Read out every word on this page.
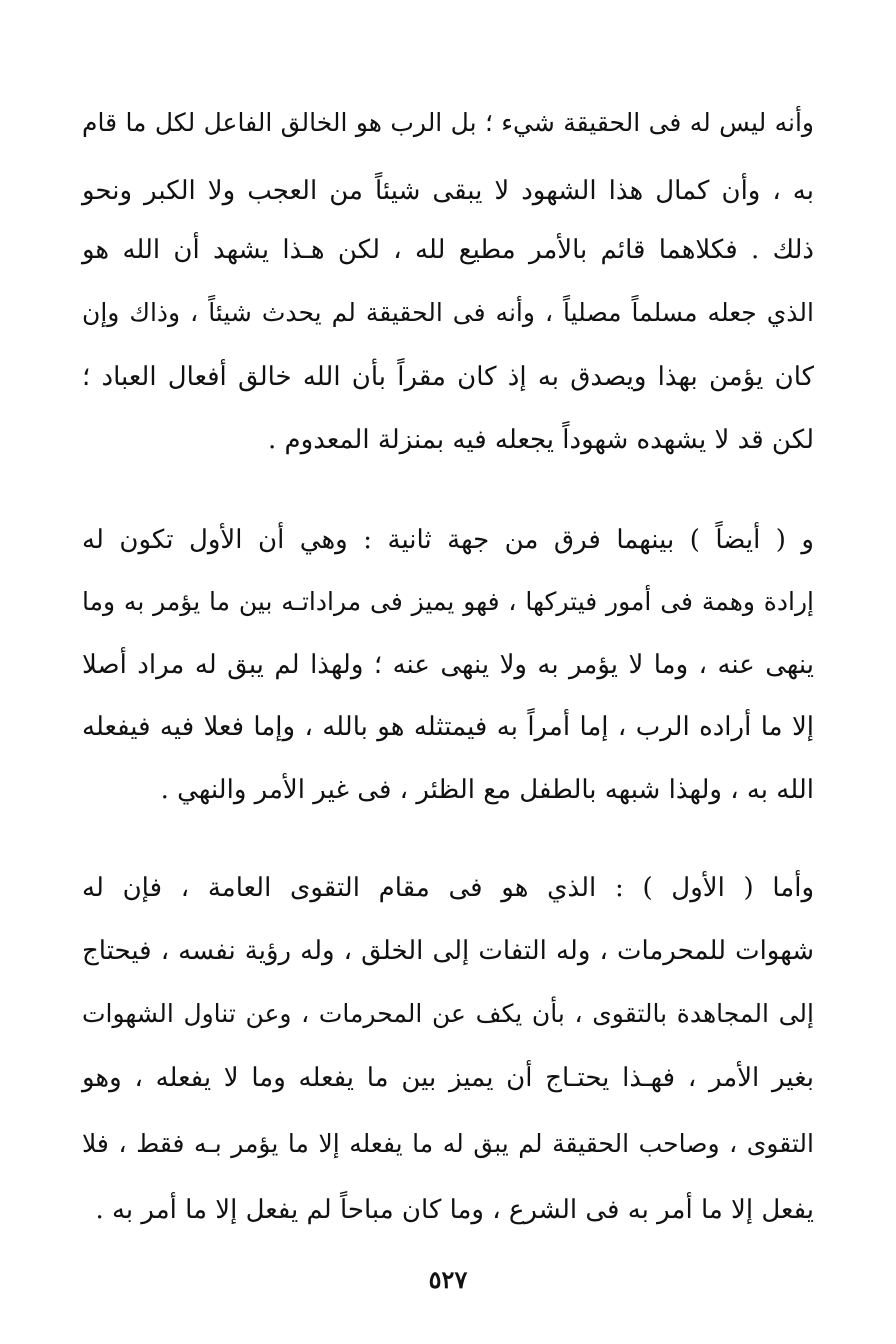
وأنه ليس له فى الحقيقة شيء ؛ بل الرب هو الخالق الفاعل لكل ما قام
به ، وأن كمال هذا الشهود لا يبقى شيئاً من العجب ولا الكبر ونحو
ذلك . فكلاهما قائم بالأمر مطيع لله ، لكن هـذا يشهد أن الله هو
الذي جعله مسلماً مصلياً ، وأنه فى الحقيقة لم يحدث شيئاً ، وذاك وإن
كان يؤمن بهذا ويصدق به إذ كان مقراً بأن الله خالق أفعال العباد ؛
لكن قد لا يشهده شهوداً يجعله فيه بمنزلة المعدوم .
و ( أيضاً ) بينهما فرق من جهة ثانية : وهي أن الأول تكون له
إرادة وهمة فى أمور فيتركها ، فهو يميز فى مراداتـه بين ما يؤمر به وما
ينهى عنه ، وما لا يؤمر به ولا ينهى عنه ؛ ولهذا لم يبق له مراد أصلا
إلا ما أراده الرب ، إما أمراً به فيمتثله هو بالله ، وإما فعلا فيه فيفعله
الله به ، ولهذا شبهه بالطفل مع الظئر ، فى غير الأمر والنهي .
وأما ( الأول ) : الذي هو فى مقام التقوى العامة ، فإن له
شهوات للمحرمات ، وله التفات إلى الخلق ، وله رؤية نفسه ، فيحتاج
إلى المجاهدة بالتقوى ، بأن يكف عن المحرمات ، وعن تناول الشهوات
بغير الأمر ، فهـذا يحتـاج أن يميز بين ما يفعله وما لا يفعله ، وهو
التقوى ، وصاحب الحقيقة لم يبق له ما يفعله إلا ما يؤمر بـه فقط ، فلا
يفعل إلا ما أمر به فى الشرع ، وما كان مباحاً لم يفعل إلا ما أمر به .
٥٢٧
